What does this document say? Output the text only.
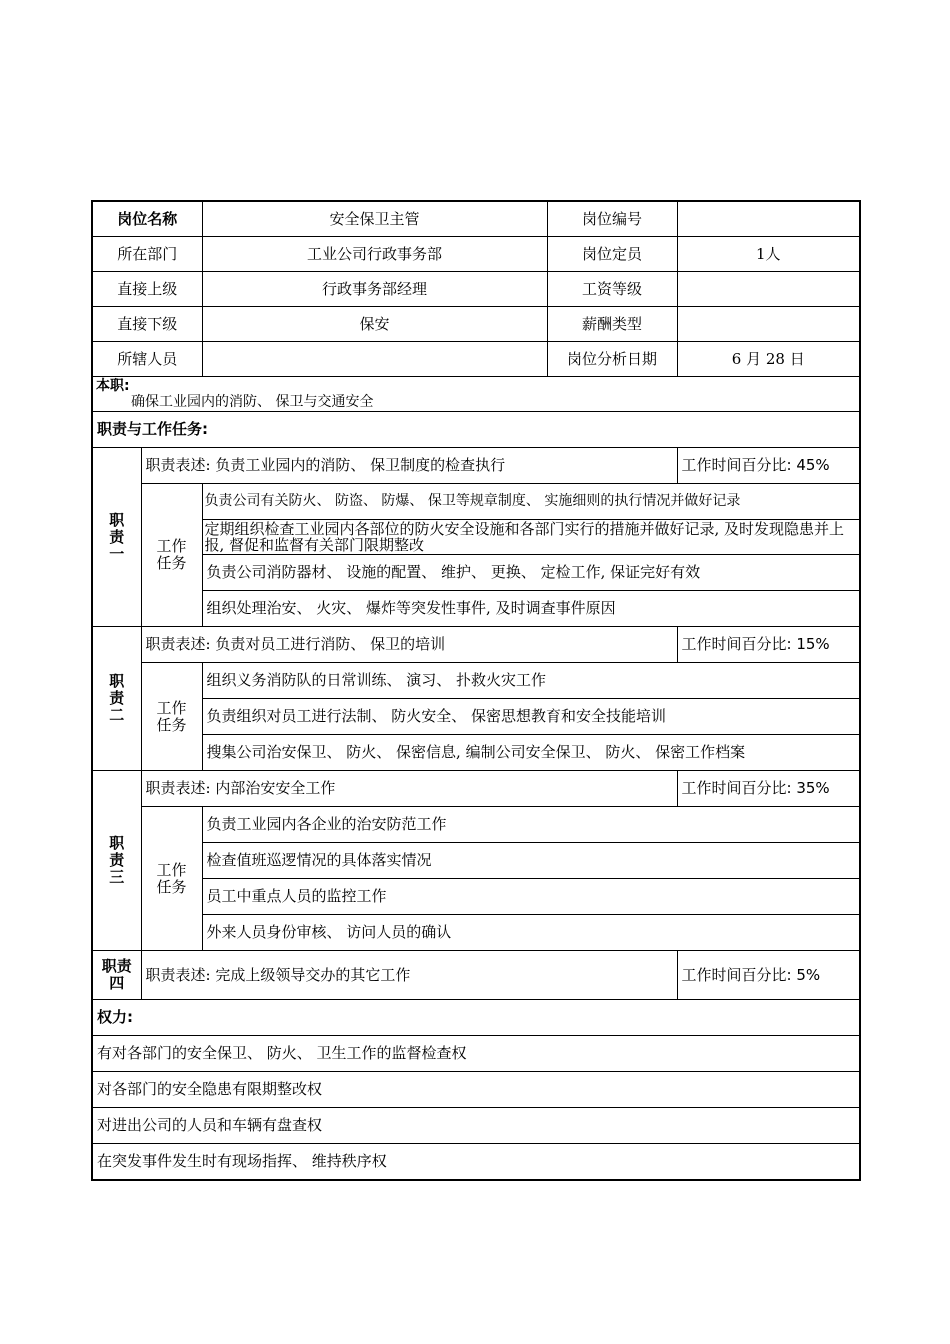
岗位名称		安全保卫主管	岗位编号	
所在部门		工业公司行政事务部	岗位定员	1人
直接上级		行政事务部经理	工资等级	
直接下级		保安	薪酬类型	
所辖人员			岗位分析日期	6 月 28 日

本职:
确保工业园内的消防、 保卫与交通安全				

职责与工作任务:				
职责一	职责表述: 负责工业园内的消防、 保卫制度的检查执行			工作时间百分比: 45%
	工作任务	负责公司有关防火、 防盗、 防爆、 保卫等规章制度、 实施细则的执行情况并做好记录		
		定期组织检查工业园内各部位的防火安全设施和各部门实行的措施并做好记录, 及时发现隐患并上报, 督促和监督有关部门限期整改		
		负责公司消防器材、 设施的配置、 维护、 更换、 定检工作, 保证完好有效		
		组织处理治安、 火灾、 爆炸等突发性事件, 及时调查事件原因		
职责二	职责表述: 负责对员工进行消防、 保卫的培训			工作时间百分比: 15%
	工作任务	组织义务消防队的日常训练、 演习、 扑救火灾工作		
		负责组织对员工进行法制、 防火安全、 保密思想教育和安全技能培训		
		搜集公司治安保卫、 防火、 保密信息, 编制公司安全保卫、 防火、 保密工作档案		
职责三	职责表述: 内部治安安全工作			工作时间百分比: 35%
	工作任务	负责工业园内各企业的治安防范工作		
		检查值班巡逻情况的具体落实情况		
		员工中重点人员的监控工作		
		外来人员身份审核、 访问人员的确认		
职责四	职责表述: 完成上级领导交办的其它工作			工作时间百分比: 5%
权力:				
有对各部门的安全保卫、 防火、 卫生工作的监督检查权				
对各部门的安全隐患有限期整改权				
对进出公司的人员和车辆有盘查权				
在突发事件发生时有现场指挥、 维持秩序权				
